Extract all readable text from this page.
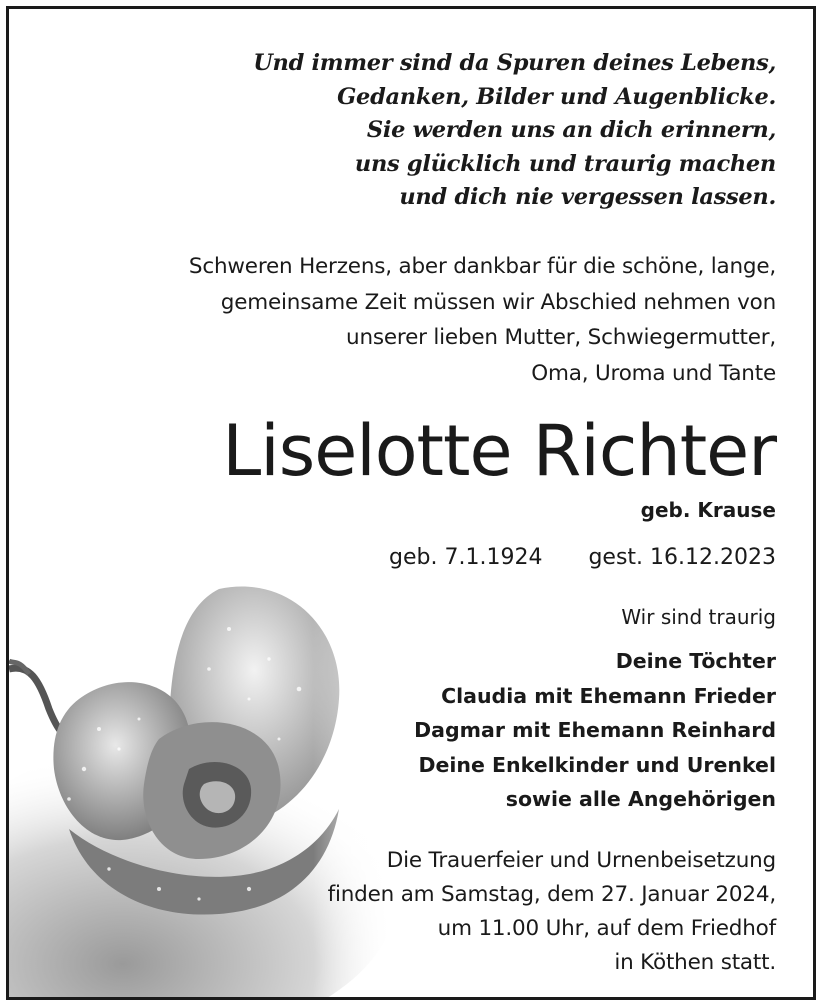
Und immer sind da Spuren deines Lebens,
Gedanken, Bilder und Augenblicke.
Sie werden uns an dich erinnern,
uns glücklich und traurig machen
und dich nie vergessen lassen.
Schweren Herzens, aber dankbar für die schöne, lange,
gemeinsame Zeit müssen wir Abschied nehmen von
unserer lieben Mutter, Schwiegermutter,
Oma, Uroma und Tante
Liselotte Richter
geb. Krause
geb. 7.1.1924 gest. 16.12.2023
Wir sind traurig
Deine Töchter
Claudia mit Ehemann Frieder
Dagmar mit Ehemann Reinhard
Deine Enkelkinder und Urenkel
sowie alle Angehörigen
Die Trauerfeier und Urnenbeisetzung
finden am Samstag, dem 27. Januar 2024,
um 11.00 Uhr, auf dem Friedhof
in Köthen statt.
